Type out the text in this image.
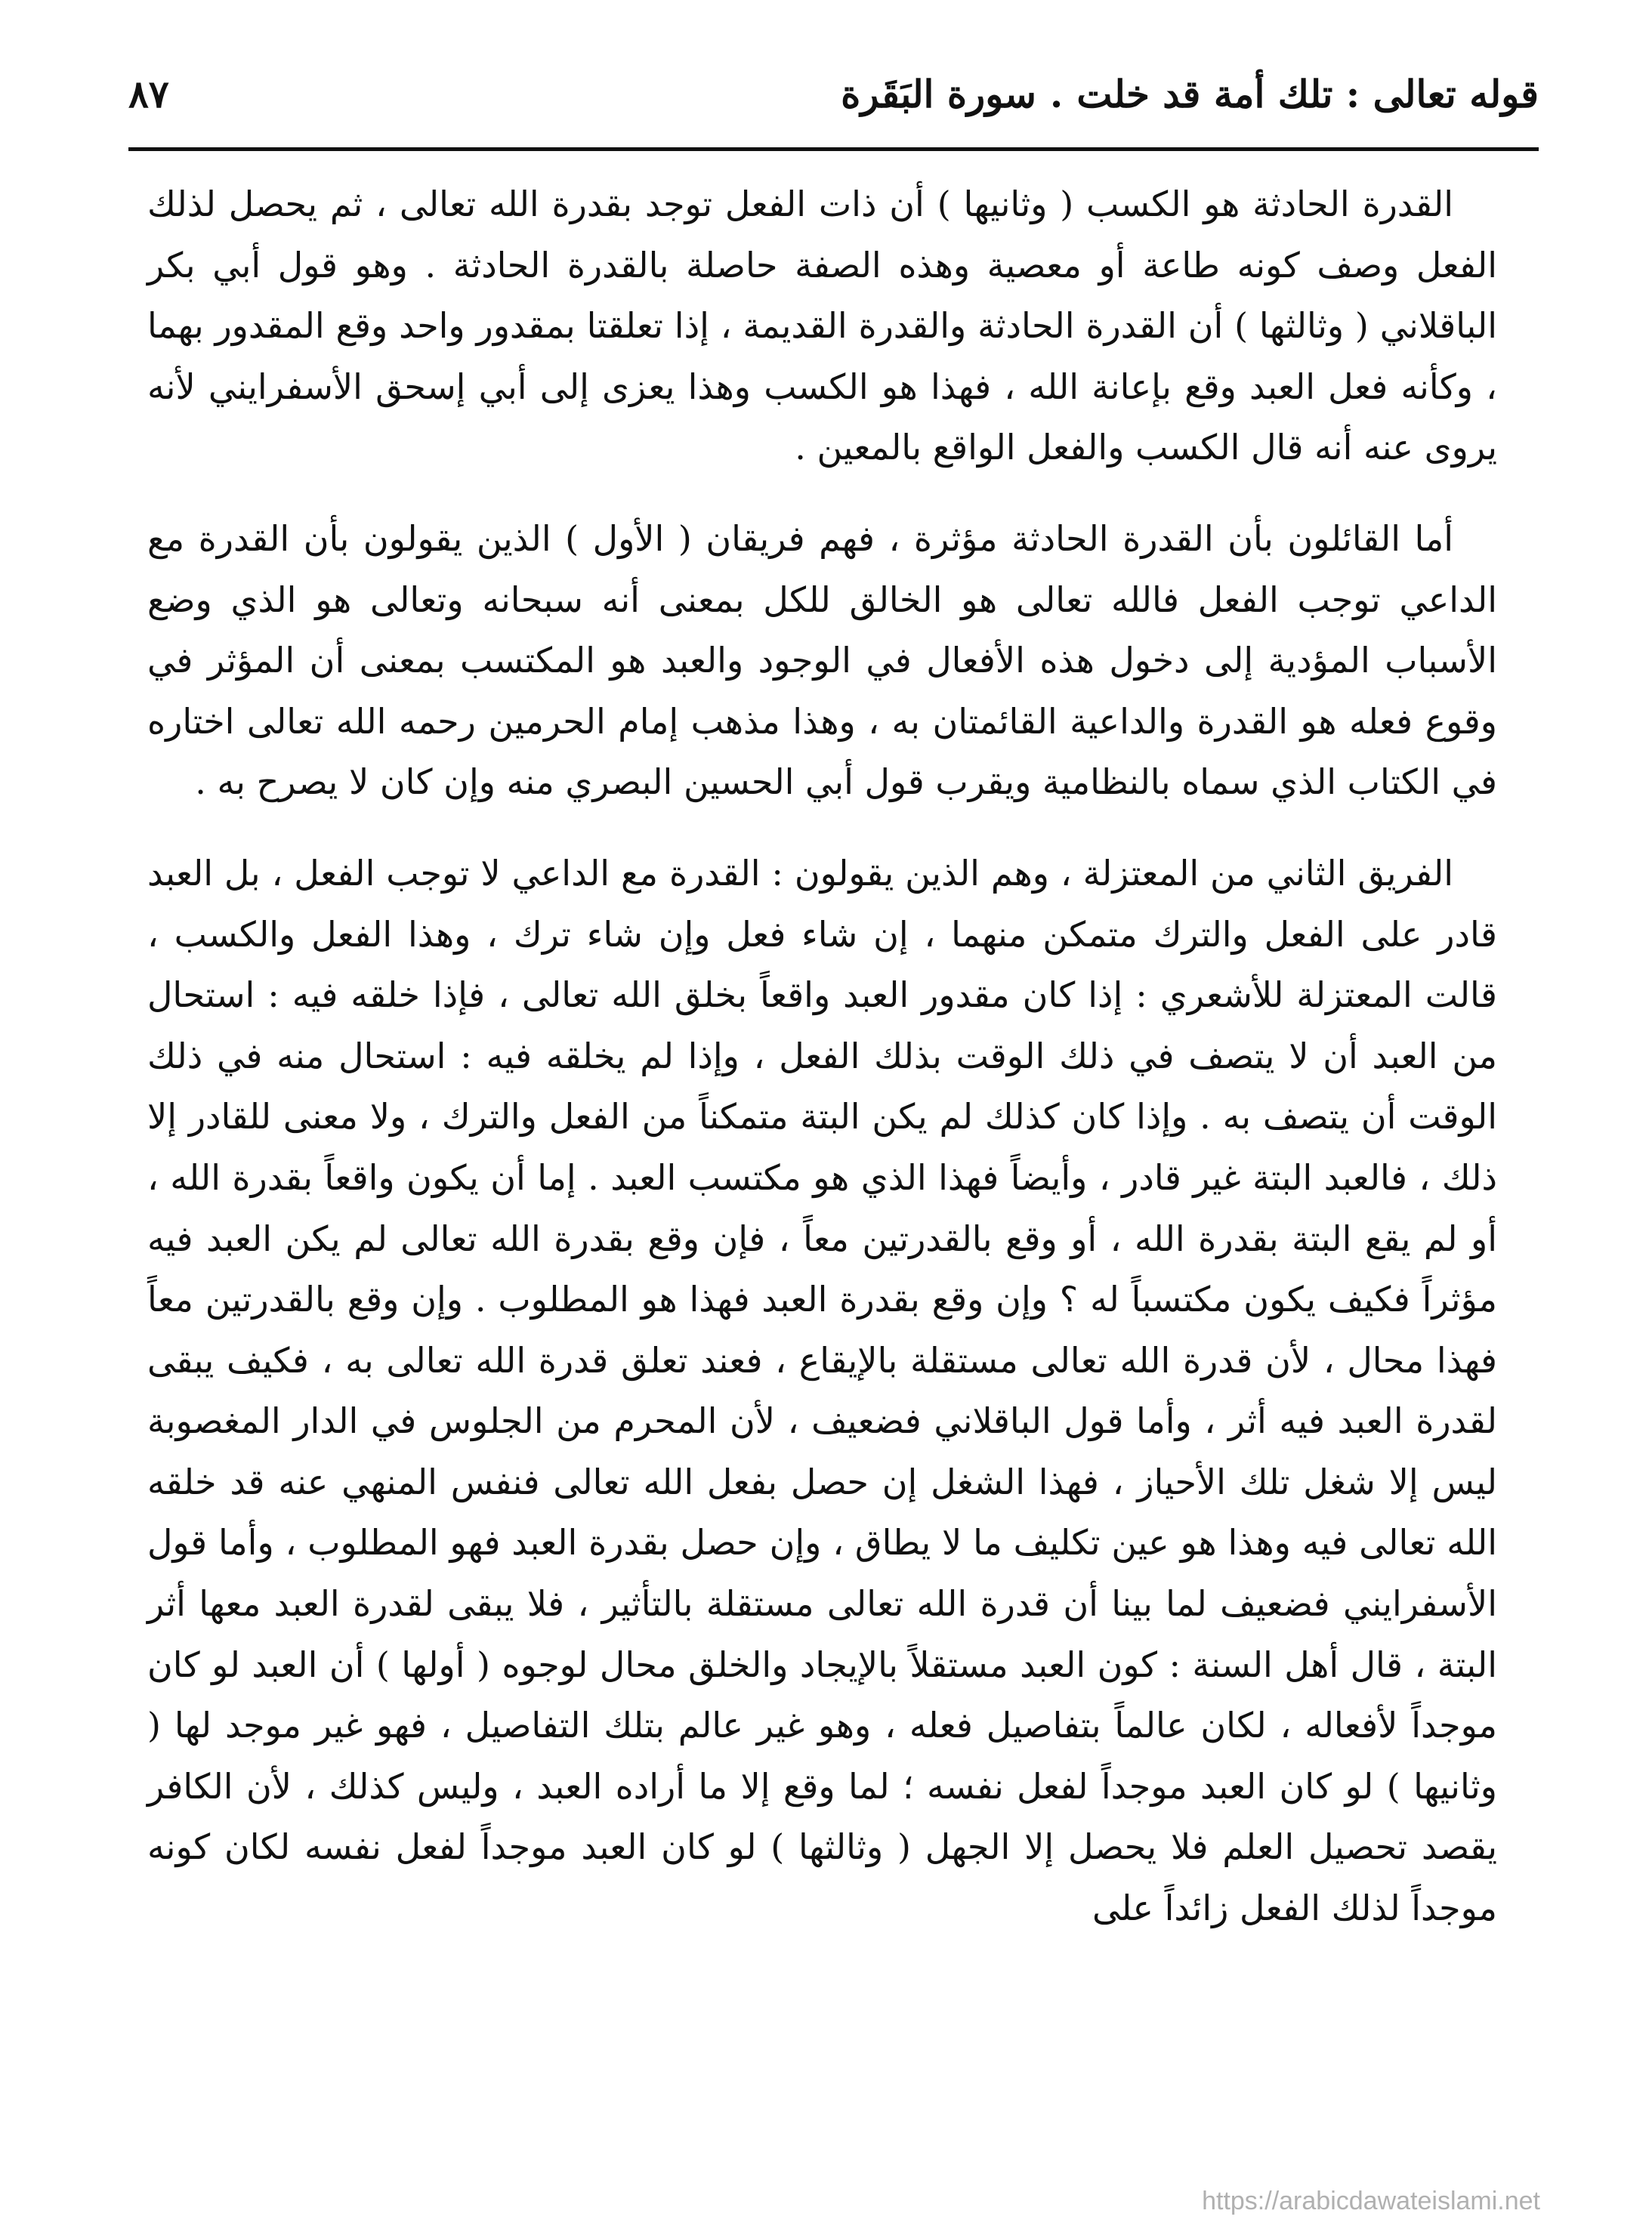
قوله تعالى : تلك أمة قد خلت.سورة البَقَرة
٨٧

القدرة الحادثة هو الكسب ( وثانيها ) أن ذات الفعل توجد بقدرة الله تعالى ، ثم يحصل لذلك الفعل وصف كونه طاعة أو معصية وهذه الصفة حاصلة بالقدرة الحادثة . وهو قول أبي بكر الباقلاني ( وثالثها ) أن القدرة الحادثة والقدرة القديمة ، إذا تعلقتا بمقدور واحد وقع المقدور بهما ، وكأنه فعل العبد وقع بإعانة الله ، فهذا هو الكسب وهذا يعزى إلى أبي إسحق الأسفرايني لأنه يروى عنه أنه قال الكسب والفعل الواقع بالمعين .

أما القائلون بأن القدرة الحادثة مؤثرة ، فهم فريقان ( الأول ) الذين يقولون بأن القدرة مع الداعي توجب الفعل فالله تعالى هو الخالق للكل بمعنى أنه سبحانه وتعالى هو الذي وضع الأسباب المؤدية إلى دخول هذه الأفعال في الوجود والعبد هو المكتسب بمعنى أن المؤثر في وقوع فعله هو القدرة والداعية القائمتان به ، وهذا مذهب إمام الحرمين رحمه الله تعالى اختاره في الكتاب الذي سماه بالنظامية ويقرب قول أبي الحسين البصري منه وإن كان لا يصرح به .

الفريق الثاني من المعتزلة ، وهم الذين يقولون : القدرة مع الداعي لا توجب الفعل ، بل العبد قادر على الفعل والترك متمكن منهما ، إن شاء فعل وإن شاء ترك ، وهذا الفعل والكسب ، قالت المعتزلة للأشعري : إذا كان مقدور العبد واقعاً بخلق الله تعالى ، فإذا خلقه فيه : استحال من العبد أن لا يتصف في ذلك الوقت بذلك الفعل ، وإذا لم يخلقه فيه : استحال منه في ذلك الوقت أن يتصف به . وإذا كان كذلك لم يكن البتة متمكناً من الفعل والترك ، ولا معنى للقادر إلا ذلك ، فالعبد البتة غير قادر ، وأيضاً فهذا الذي هو مكتسب العبد . إما أن يكون واقعاً بقدرة الله ، أو لم يقع البتة بقدرة الله ، أو وقع بالقدرتين معاً ، فإن وقع بقدرة الله تعالى لم يكن العبد فيه مؤثراً فكيف يكون مكتسباً له ؟ وإن وقع بقدرة العبد فهذا هو المطلوب . وإن وقع بالقدرتين معاً فهذا محال ، لأن قدرة الله تعالى مستقلة بالإيقاع ، فعند تعلق قدرة الله تعالى به ، فكيف يبقى لقدرة العبد فيه أثر ، وأما قول الباقلاني فضعيف ، لأن المحرم من الجلوس في الدار المغصوبة ليس إلا شغل تلك الأحياز ، فهذا الشغل إن حصل بفعل الله تعالى فنفس المنهي عنه قد خلقه الله تعالى فيه وهذا هو عين تكليف ما لا يطاق ، وإن حصل بقدرة العبد فهو المطلوب ، وأما قول الأسفرايني فضعيف لما بينا أن قدرة الله تعالى مستقلة بالتأثير ، فلا يبقى لقدرة العبد معها أثر البتة ، قال أهل السنة : كون العبد مستقلاً بالإيجاد والخلق محال لوجوه ( أولها ) أن العبد لو كان موجداً لأفعاله ، لكان عالماً بتفاصيل فعله ، وهو غير عالم بتلك التفاصيل ، فهو غير موجد لها ( وثانيها ) لو كان العبد موجداً لفعل نفسه ؛ لما وقع إلا ما أراده العبد ، وليس كذلك ، لأن الكافر يقصد تحصيل العلم فلا يحصل إلا الجهل ( وثالثها ) لو كان العبد موجداً لفعل نفسه لكان كونه موجداً لذلك الفعل زائداً على

https://arabicdawateislami.net
